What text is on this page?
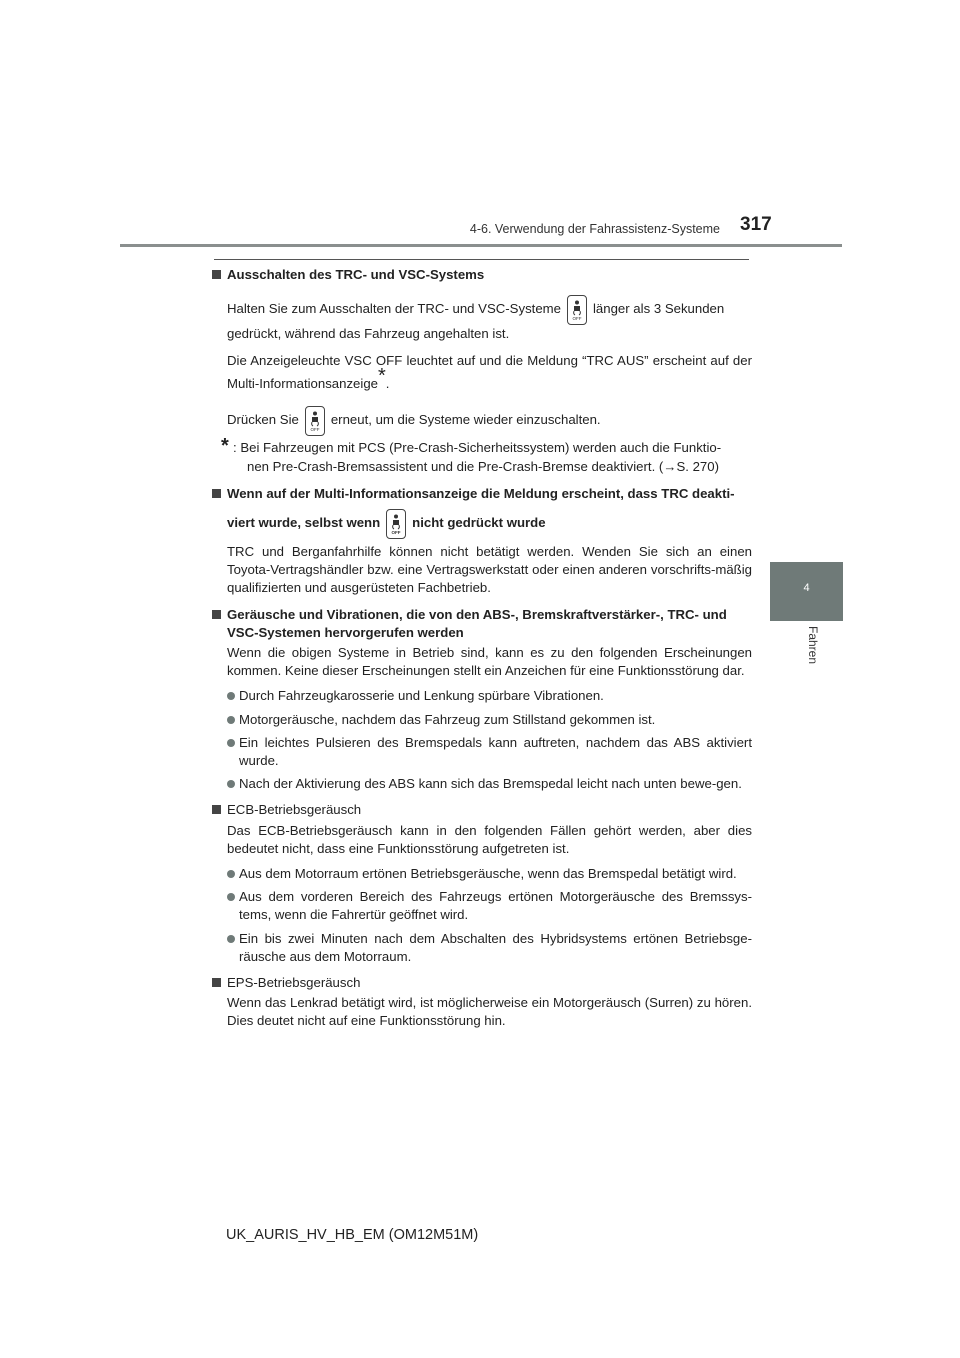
4-6. Verwendung der Fahrassistenz-Systeme 317
4
Fahren
Ausschalten des TRC- und VSC-Systems
Halten Sie zum Ausschalten der TRC- und VSC-Systeme
OFF
länger als 3 Sekunden
gedrückt, während das Fahrzeug angehalten ist.
Die Anzeigeleuchte VSC OFF leuchtet auf und die Meldung “TRC AUS” erscheint auf der Multi-Informationsanzeige*.
Drücken Sie
OFF
erneut, um die Systeme wieder einzuschalten.
* : Bei Fahrzeugen mit PCS (Pre-Crash-Sicherheitssystem) werden auch die Funktio-
nen Pre-Crash-Bremsassistent und die Pre-Crash-Bremse deaktiviert. (→S. 270)
Wenn auf der Multi-Informationsanzeige die Meldung erscheint, dass TRC deakti-
viert wurde, selbst wenn
OFF
nicht gedrückt wurde
TRC und Berganfahrhilfe können nicht betätigt werden. Wenden Sie sich an einen Toyota-Vertragshändler bzw. eine Vertragswerkstatt oder einen anderen vorschrifts-mäßig qualifizierten und ausgerüsteten Fachbetrieb.
Geräusche und Vibrationen, die von den ABS-, Bremskraftverstärker-, TRC- und VSC-Systemen hervorgerufen werden
Wenn die obigen Systeme in Betrieb sind, kann es zu den folgenden Erscheinungen kommen. Keine dieser Erscheinungen stellt ein Anzeichen für eine Funktionsstörung dar.
Durch Fahrzeugkarosserie und Lenkung spürbare Vibrationen.
Motorgeräusche, nachdem das Fahrzeug zum Stillstand gekommen ist.
Ein leichtes Pulsieren des Bremspedals kann auftreten, nachdem das ABS aktiviert wurde.
Nach der Aktivierung des ABS kann sich das Bremspedal leicht nach unten bewe-gen.
ECB-Betriebsgeräusch
Das ECB-Betriebsgeräusch kann in den folgenden Fällen gehört werden, aber dies bedeutet nicht, dass eine Funktionsstörung aufgetreten ist.
Aus dem Motorraum ertönen Betriebsgeräusche, wenn das Bremspedal betätigt wird.
Aus dem vorderen Bereich des Fahrzeugs ertönen Motorgeräusche des Bremssys-tems, wenn die Fahrertür geöffnet wird.
Ein bis zwei Minuten nach dem Abschalten des Hybridsystems ertönen Betriebsge-räusche aus dem Motorraum.
EPS-Betriebsgeräusch
Wenn das Lenkrad betätigt wird, ist möglicherweise ein Motorgeräusch (Surren) zu hören. Dies deutet nicht auf eine Funktionsstörung hin.
UK_AURIS_HV_HB_EM (OM12M51M)
